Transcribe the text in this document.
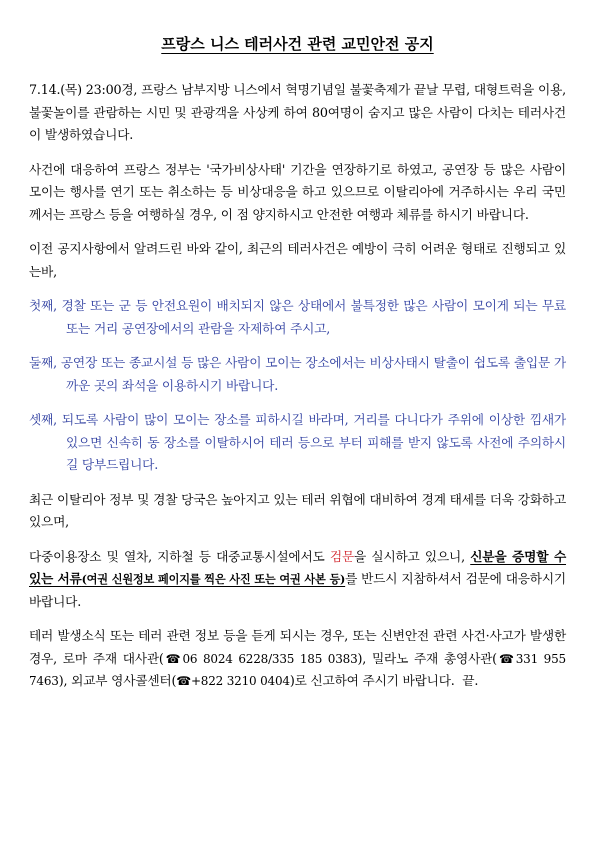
프랑스 니스 테러사건 관련 교민안전 공지

7.14.(목) 23:00경, 프랑스 남부지방 니스에서 혁명기념일 불꽃축제가 끝날 무렵, 대형트럭을 이용, 불꽃놀이를 관람하는 시민 및 관광객을 사상케 하여 80여명이 숨지고 많은 사람이 다치는 테러사건이 발생하였습니다.

사건에 대응하여 프랑스 정부는 '국가비상사태' 기간을 연장하기로 하였고, 공연장 등 많은 사람이 모이는 행사를 연기 또는 취소하는 등 비상대응을 하고 있으므로 이탈리아에 거주하시는 우리 국민께서는 프랑스 등을 여행하실 경우, 이 점 양지하시고 안전한 여행과 체류를 하시기 바랍니다.

이전 공지사항에서 알려드린 바와 같이, 최근의 테러사건은 예방이 극히 어려운 형태로 진행되고 있는바,

첫째, 경찰 또는 군 등 안전요원이 배치되지 않은 상태에서 불특정한 많은 사람이 모이게 되는 무료 또는 거리 공연장에서의 관람을 자제하여 주시고,
둘째, 공연장 또는 종교시설 등 많은 사람이 모이는 장소에서는 비상사태시 탈출이 쉽도록 출입문 가까운 곳의 좌석을 이용하시기 바랍니다.
셋째, 되도록 사람이 많이 모이는 장소를 피하시길 바라며, 거리를 다니다가 주위에 이상한 낌새가 있으면 신속히 동 장소를 이탈하시어 테러 등으로 부터 피해를 받지 않도록 사전에 주의하시길 당부드립니다.

최근 이탈리아 정부 및 경찰 당국은 높아지고 있는 테러 위협에 대비하여 경계 태세를 더욱 강화하고 있으며,

다중이용장소 및 열차, 지하철 등 대중교통시설에서도 검문을 실시하고 있으니, 신분을 증명할 수 있는 서류(여권 신원정보 페이지를 찍은 사진 또는 여권 사본 등)를 반드시 지참하셔서 검문에 대응하시기 바랍니다.

테러 발생소식 또는 테러 관련 정보 등을 듣게 되시는 경우, 또는 신변안전 관련 사건·사고가 발생한 경우, 로마 주재 대사관(☎06 8024 6228/335 185 0383), 밀라노 주재 총영사관(☎331 955 7463), 외교부 영사콜센터(☎+822 3210 0404)로 신고하여 주시기 바랍니다. 끝.
